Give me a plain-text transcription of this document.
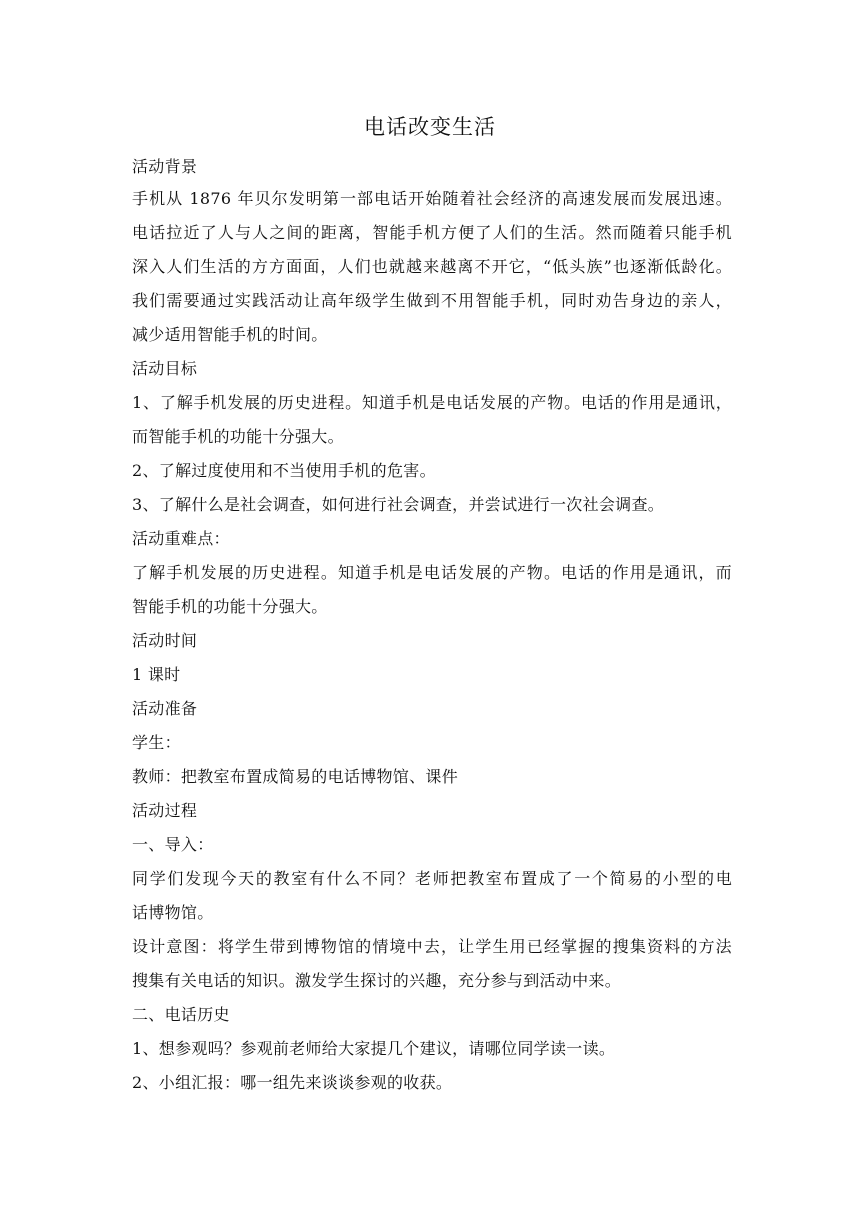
电话改变生活
活动背景
手机从 1876 年贝尔发明第一部电话开始随着社会经济的高速发展而发展迅速。
电话拉近了人与人之间的距离，智能手机方便了人们的生活。然而随着只能手机
深入人们生活的方方面面，人们也就越来越离不开它，“低头族”也逐渐低龄化。
我们需要通过实践活动让高年级学生做到不用智能手机，同时劝告身边的亲人，
减少适用智能手机的时间。
活动目标
1、了解手机发展的历史进程。知道手机是电话发展的产物。电话的作用是通讯，
而智能手机的功能十分强大。
2、了解过度使用和不当使用手机的危害。
3、了解什么是社会调查，如何进行社会调查，并尝试进行一次社会调查。
活动重难点：
了解手机发展的历史进程。知道手机是电话发展的产物。电话的作用是通讯，而
智能手机的功能十分强大。
活动时间
1 课时
活动准备
学生：
教师：把教室布置成简易的电话博物馆、课件
活动过程
一、导入：
同学们发现今天的教室有什么不同？老师把教室布置成了一个简易的小型的电
话博物馆。
设计意图：将学生带到博物馆的情境中去，让学生用已经掌握的搜集资料的方法
搜集有关电话的知识。激发学生探讨的兴趣，充分参与到活动中来。
二、电话历史
1、想参观吗？参观前老师给大家提几个建议，请哪位同学读一读。
2、小组汇报：哪一组先来谈谈参观的收获。
